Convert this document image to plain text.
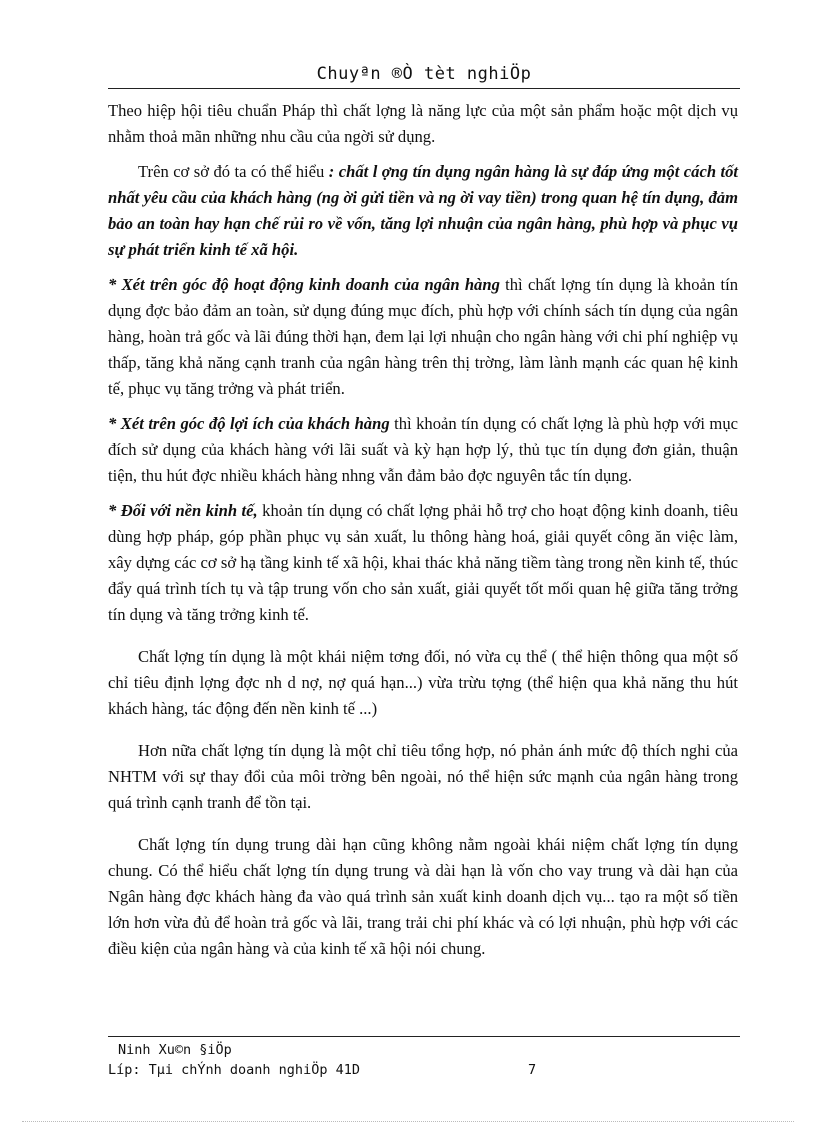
Chuyªn ®Ò tèt nghiÖp

Theo hiệp hội tiêu chuẩn Pháp thì chất lợng là năng lực của một sản phẩm hoặc một dịch vụ nhằm thoả mãn những nhu cầu của ngời sử dụng.

Trên cơ sở đó ta có thể hiểu : chất l ợng tín dụng ngân hàng là sự đáp ứng một cách tốt nhất yêu cầu của khách hàng (ng ời gửi tiền và ng ời vay tiền) trong quan hệ tín dụng, đảm bảo an toàn hay hạn chế rủi ro về vốn, tăng lợi nhuận của ngân hàng, phù hợp và phục vụ sự phát triển kinh tế xã hội.

* Xét trên góc độ hoạt động kinh doanh của ngân hàng thì chất lợng tín dụng là khoản tín dụng đợc bảo đảm an toàn, sử dụng đúng mục đích, phù hợp với chính sách tín dụng của ngân hàng, hoàn trả gốc và lãi đúng thời hạn, đem lại lợi nhuận cho ngân hàng với chi phí nghiệp vụ thấp, tăng khả năng cạnh tranh của ngân hàng trên thị trờng, làm lành mạnh các quan hệ kinh tế, phục vụ tăng trởng và phát triển.

* Xét trên góc độ lợi ích của khách hàng thì khoản tín dụng có chất lợng là phù hợp với mục đích sử dụng của khách hàng với lãi suất và kỳ hạn hợp lý, thủ tục tín dụng đơn giản, thuận tiện, thu hút đợc nhiều khách hàng nhng vẫn đảm bảo đợc nguyên tắc tín dụng.

* Đối với nền kinh tế, khoản tín dụng có chất lợng phải hỗ trợ cho hoạt động kinh doanh, tiêu dùng hợp pháp, góp phần phục vụ sản xuất, lu thông hàng hoá, giải quyết công ăn việc làm, xây dựng các cơ sở hạ tầng kinh tế xã hội, khai thác khả năng tiềm tàng trong nền kinh tế, thúc đẩy quá trình tích tụ và tập trung vốn cho sản xuất, giải quyết tốt mối quan hệ giữa tăng trởng tín dụng và tăng trởng kinh tế.

Chất lợng tín dụng là một khái niệm tơng đối, nó vừa cụ thể ( thể hiện thông qua một số chỉ tiêu định lợng đợc nh d nợ, nợ quá hạn...) vừa trừu tợng (thể hiện qua khả năng thu hút khách hàng, tác động đến nền kinh tế ...)

Hơn nữa chất lợng tín dụng là một chỉ tiêu tổng hợp, nó phản ánh mức độ thích nghi của NHTM với sự thay đổi của môi trờng bên ngoài, nó thể hiện sức mạnh của ngân hàng trong quá trình cạnh tranh để tồn tại.

Chất lợng tín dụng trung dài hạn cũng không nằm ngoài khái niệm chất lợng tín dụng chung. Có thể hiểu chất lợng tín dụng trung và dài hạn là vốn cho vay trung và dài hạn của Ngân hàng đợc khách hàng đa vào quá trình sản xuất kinh doanh dịch vụ... tạo ra một số tiền lớn hơn vừa đủ để hoàn trả gốc và lãi, trang trải chi phí khác và có lợi nhuận, phù hợp với các điều kiện của ngân hàng và của kinh tế xã hội nói chung.

Ninh Xu©n §iÖp
Líp: Tµi chÝnh doanh nghiÖp 41D	7
